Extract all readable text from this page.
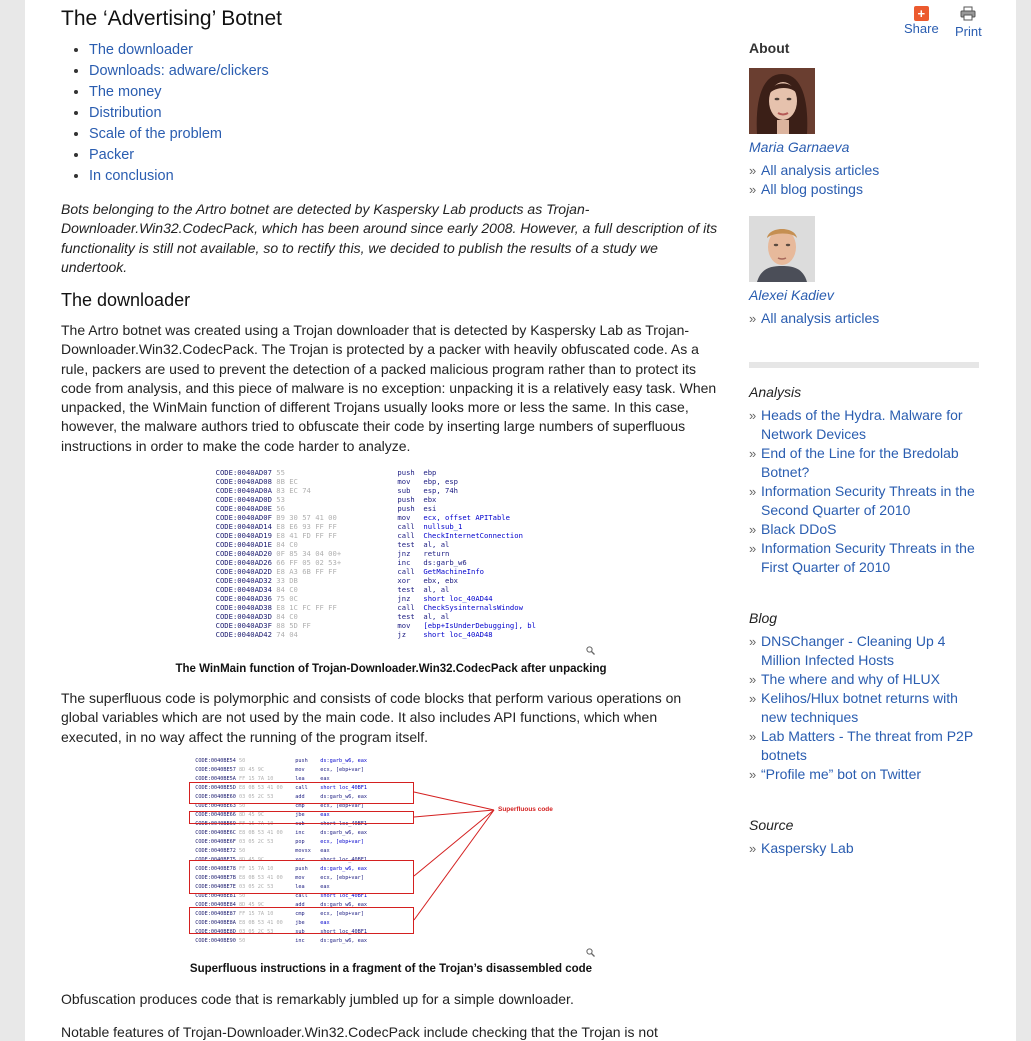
The ‘Advertising’ Botnet
• The downloader
• Downloads: adware/clickers
• The money
• Distribution
• Scale of the problem
• Packer
• In conclusion

Bots belonging to the Artro botnet are detected by Kaspersky Lab products as Trojan-Downloader.Win32.CodecPack, which has been around since early 2008. However, a full description of its functionality is still not available, so to rectify this, we decided to publish the results of a study we undertook.

The downloader

The Artro botnet was created using a Trojan downloader that is detected by Kaspersky Lab as Trojan-Downloader.Win32.CodecPack. The Trojan is protected by a packer with heavily obfuscated code. As a rule, packers are used to prevent the detection of a packed malicious program rather than to protect its code from analysis, and this piece of malware is no exception: unpacking it is a relatively easy task. When unpacked, the WinMain function of different Trojans usually looks more or less the same. In this case, however, the malware authors tried to obfuscate their code by inserting large numbers of superfluous instructions in order to make the code harder to analyze.

CODE:0040AD07 55                          push  ebp
CODE:0040AD08 8B EC                       mov   ebp, esp
CODE:0040AD0A 83 EC 74                    sub   esp, 74h
CODE:0040AD0D 53                          push  ebx
CODE:0040AD0E 56                          push  esi
CODE:0040AD0F B9 30 57 41 00              mov   ecx, offset APITable
CODE:0040AD14 E8 E6 93 FF FF              call  nullsub_1
CODE:0040AD19 E8 41 FD FF FF              call  CheckInternetConnection
CODE:0040AD1E 84 C0                       test  al, al
CODE:0040AD20 0F 85 34 04 00+             jnz   return
CODE:0040AD26 66 FF 05 02 53+             inc   ds:garb_w6
CODE:0040AD2D E8 A3 6B FF FF              call  GetMachineInfo
CODE:0040AD32 33 DB                       xor   ebx, ebx
CODE:0040AD34 84 C0                       test  al, al
CODE:0040AD36 75 0C                       jnz   short loc_40AD44
CODE:0040AD38 E8 1C FC FF FF              call  CheckSysinternalsWindow
CODE:0040AD3D 84 C0                       test  al, al
CODE:0040AD3F 88 5D FF                    mov   [ebp+IsUnderDebugging], bl
CODE:0040AD42 74 04                       jz    short loc_40AD48
The WinMain function of Trojan-Downloader.Win32.CodecPack after unpacking

The superfluous code is polymorphic and consists of code blocks that perform various operations on global variables which are not used by the main code. It also includes API functions, which when executed, in no way affect the running of the program itself.

CODE:0040BE54 50                push    ds:garb_w6, eax
CODE:0040BE57 8D 45 9C          mov     ecx, [ebp+var]
CODE:0040BE5A FF 15 7A 10       lea     eax
CODE:0040BE5D E8 0B 53 41 00    call    short loc_40BF1
CODE:0040BE60 03 05 2C 53       add     ds:garb_w6, eax
CODE:0040BE63 50                cmp     ecx, [ebp+var]
CODE:0040BE66 8D 45 9C          jbe     eax
CODE:0040BE69 FF 15 7A 10       sub     short loc_40BF1
CODE:0040BE6C E8 0B 53 41 00    inc     ds:garb_w6, eax
CODE:0040BE6F 03 05 2C 53       pop     ecx, [ebp+var]
CODE:0040BE72 50                movsx   eax
CODE:0040BE75 8D 45 9C          xor     short loc_40BF1
CODE:0040BE78 FF 15 7A 10       push    ds:garb_w6, eax
CODE:0040BE7B E8 0B 53 41 00    mov     ecx, [ebp+var]
CODE:0040BE7E 03 05 2C 53       lea     eax
CODE:0040BE81 50                call    short loc_40BF1
CODE:0040BE84 8D 45 9C          add     ds:garb_w6, eax
CODE:0040BE87 FF 15 7A 10       cmp     ecx, [ebp+var]
CODE:0040BE8A E8 0B 53 41 00    jbe     eax
CODE:0040BE8D 03 05 2C 53       sub     short loc_40BF1
CODE:0040BE90 50                inc     ds:garb_w6, eax
Superfluous code
Superfluous instructions in a fragment of the Trojan’s disassembled code

Obfuscation produces code that is remarkably jumbled up for a simple downloader.

Notable features of Trojan-Downloader.Win32.CodecPack include checking that the Trojan is not

+
Share Print
About
Maria Garnaeva
» All analysis articles
» All blog postings
Alexei Kadiev
» All analysis articles
Analysis
» Heads of the Hydra. Malware for Network Devices
» End of the Line for the Bredolab Botnet?
» Information Security Threats in the Second Quarter of 2010
» Black DDoS
» Information Security Threats in the First Quarter of 2010
Blog
» DNSChanger - Cleaning Up 4 Million Infected Hosts
» The where and why of HLUX
» Kelihos/Hlux botnet returns with new techniques
» Lab Matters - The threat from P2P botnets
» “Profile me” bot on Twitter
Source
» Kaspersky Lab
